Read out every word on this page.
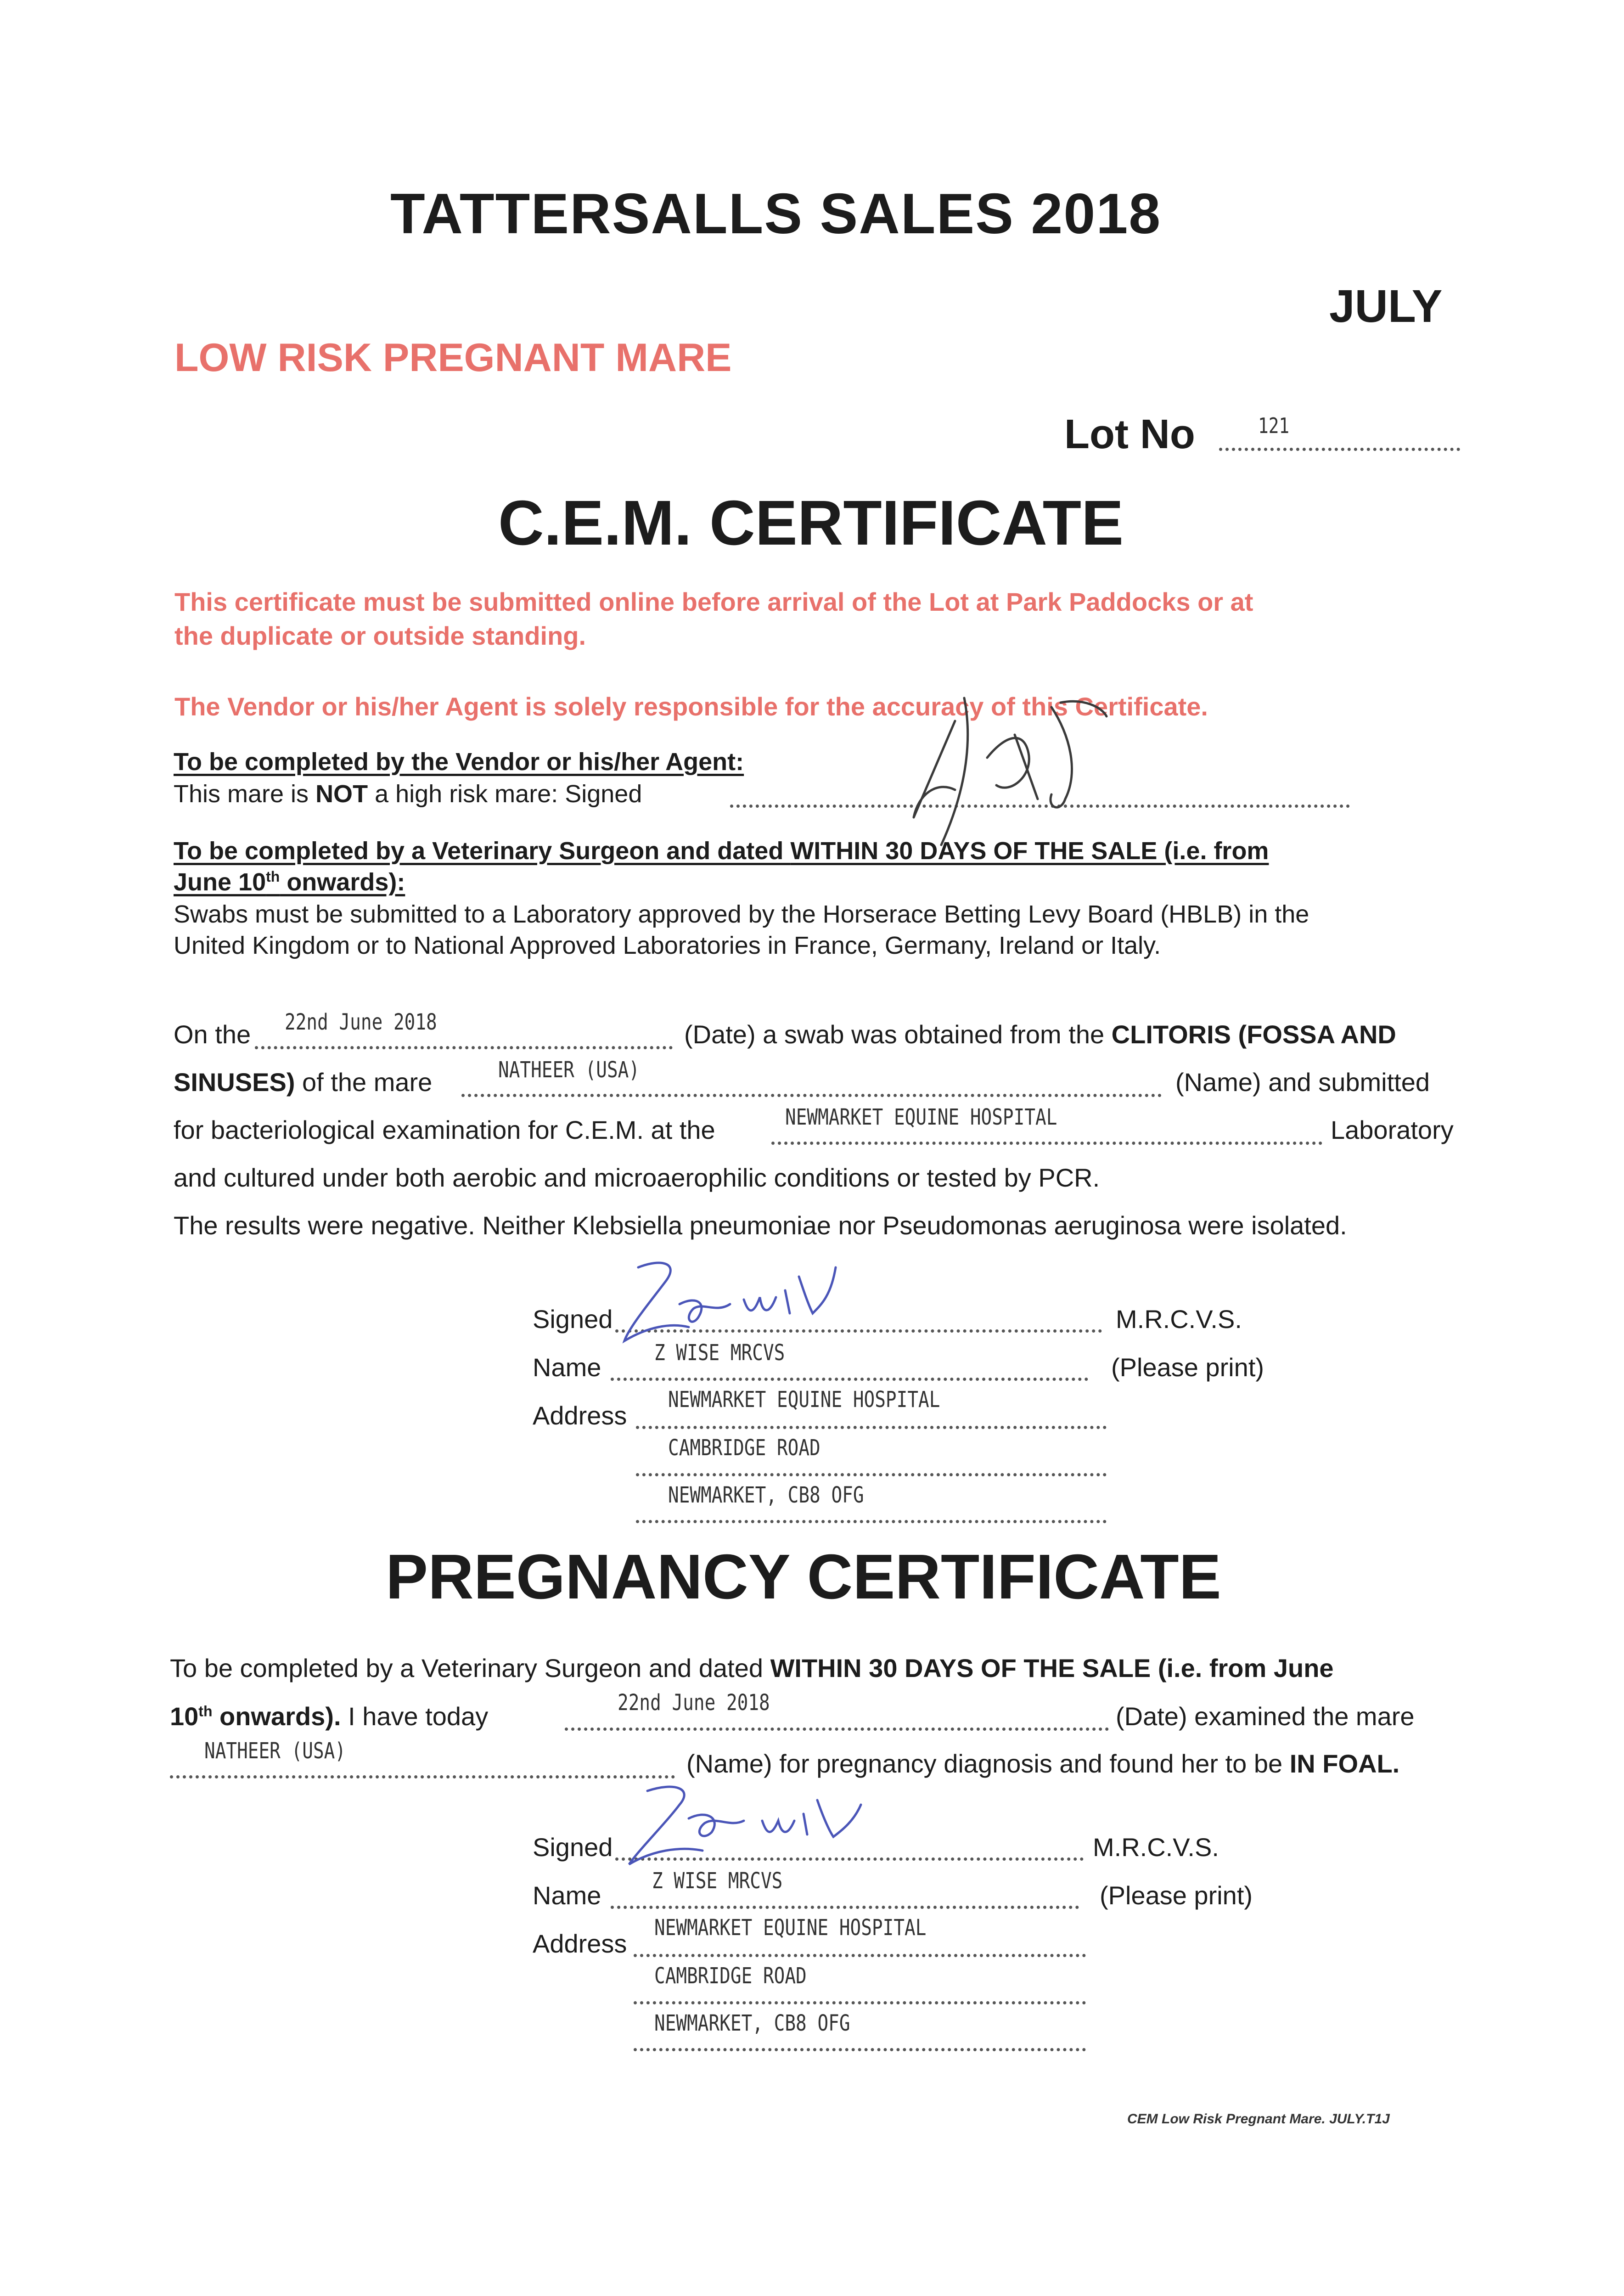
TATTERSALLS SALES 2018
JULY
LOW RISK PREGNANT MARE
Lot No	121
C.E.M. CERTIFICATE
This certificate must be submitted online before arrival of the Lot at Park Paddocks or at
the duplicate or outside standing.
The Vendor or his/her Agent is solely responsible for the accuracy of this Certificate.
To be completed by the Vendor or his/her Agent:
This mare is NOT a high risk mare: Signed
To be completed by a Veterinary Surgeon and dated WITHIN 30 DAYS OF THE SALE (i.e. from
June 10th onwards):
Swabs must be submitted to a Laboratory approved by the Horserace Betting Levy Board (HBLB) in the
United Kingdom or to National Approved Laboratories in France, Germany, Ireland or Italy.
On the 22nd June 2018	(Date) a swab was obtained from the CLITORIS (FOSSA AND
SINUSES) of the mare	NATHEER (USA)	(Name) and submitted
for bacteriological examination for C.E.M. at the	NEWMARKET EQUINE HOSPITAL	Laboratory
and cultured under both aerobic and microaerophilic conditions or tested by PCR.
The results were negative. Neither Klebsiella pneumoniae nor Pseudomonas aeruginosa were isolated.
Signed	M.R.C.V.S.
Name Z WISE MRCVS	(Please print)
Address
NEWMARKET EQUINE HOSPITAL
CAMBRIDGE ROAD
NEWMARKET, CB8 OFG
PREGNANCY CERTIFICATE
To be completed by a Veterinary Surgeon and dated WITHIN 30 DAYS OF THE SALE (i.e. from June
10th onwards). I have today	22nd June 2018	(Date) examined the mare
NATHEER (USA)	(Name) for pregnancy diagnosis and found her to be IN FOAL.
Signed	M.R.C.V.S.
Name Z WISE MRCVS	(Please print)
Address
NEWMARKET EQUINE HOSPITAL
CAMBRIDGE ROAD
NEWMARKET, CB8 OFG
CEM Low Risk Pregnant Mare. JULY.T1J
